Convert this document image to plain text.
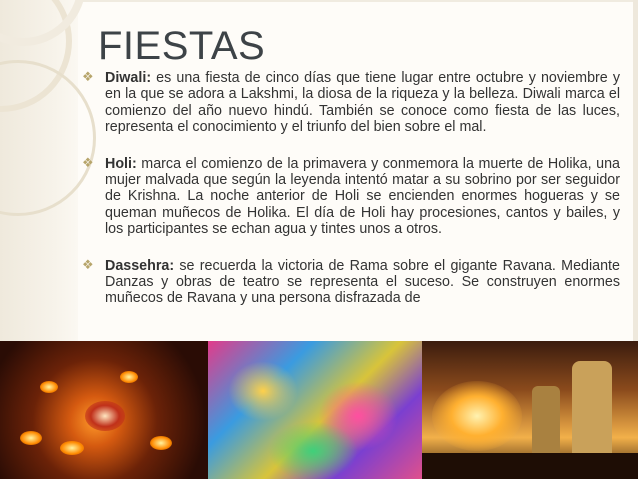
FIESTAS
❖ Diwali: es una fiesta de cinco días que tiene lugar entre octubre y noviembre y en la que se adora a Lakshmi, la diosa de la riqueza y la belleza. Diwali marca el comienzo del año nuevo hindú. También se conoce como fiesta de las luces, representa el conocimiento y el triunfo del bien sobre el mal.
❖ Holi: marca el comienzo de la primavera y conmemora la muerte de Holika, una mujer malvada que según la leyenda intentó matar a su sobrino por ser seguidor de Krishna. La noche anterior de Holi se encienden enormes hogueras y se queman muñecos de Holika. El día de Holi hay procesiones, cantos y bailes, y los participantes se echan agua y tintes unos a otros.
❖ Dassehra: se recuerda la victoria de Rama sobre el gigante Ravana. Mediante Danzas y obras de teatro se representa el suceso. Se construyen enormes muñecos de Ravana y una persona disfrazada de
